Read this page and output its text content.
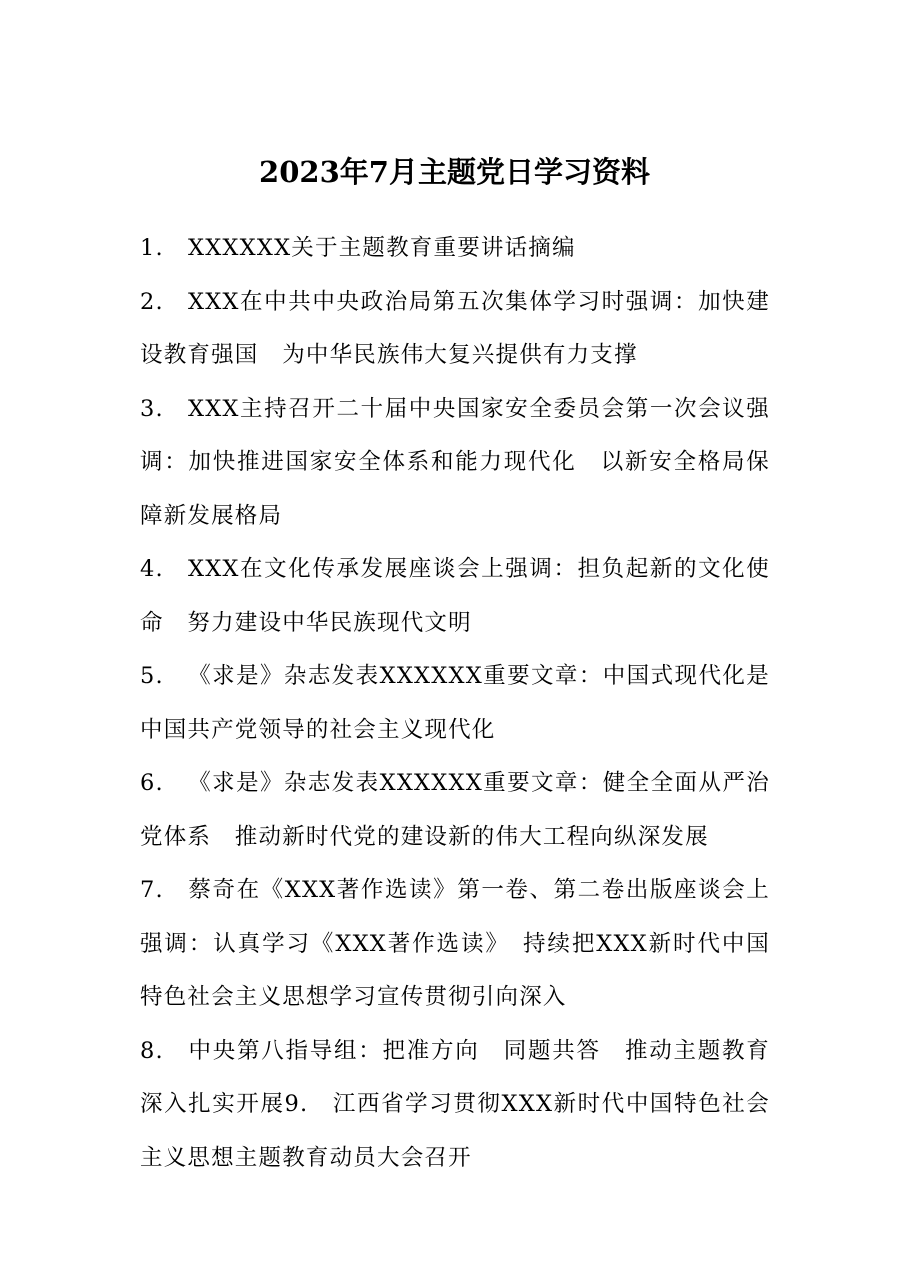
2023年7月主题党日学习资料
1. XXXXXX关于主题教育重要讲话摘编
2. XXX在中共中央政治局第五次集体学习时强调：加快建设教育强国　为中华民族伟大复兴提供有力支撑
3. XXX主持召开二十届中央国家安全委员会第一次会议强调：加快推进国家安全体系和能力现代化　以新安全格局保障新发展格局
4. XXX在文化传承发展座谈会上强调：担负起新的文化使命　努力建设中华民族现代文明
5. 《求是》杂志发表XXXXXX重要文章：中国式现代化是中国共产党领导的社会主义现代化
6. 《求是》杂志发表XXXXXX重要文章：健全全面从严治党体系　推动新时代党的建设新的伟大工程向纵深发展
7. 蔡奇在《XXX著作选读》第一卷、第二卷出版座谈会上强调：认真学习《XXX著作选读》　持续把XXX新时代中国特色社会主义思想学习宣传贯彻引向深入
8. 中央第八指导组：把准方向　同题共答　推动主题教育深入扎实开展9.　江西省学习贯彻XXX新时代中国特色社会主义思想主题教育动员大会召开
